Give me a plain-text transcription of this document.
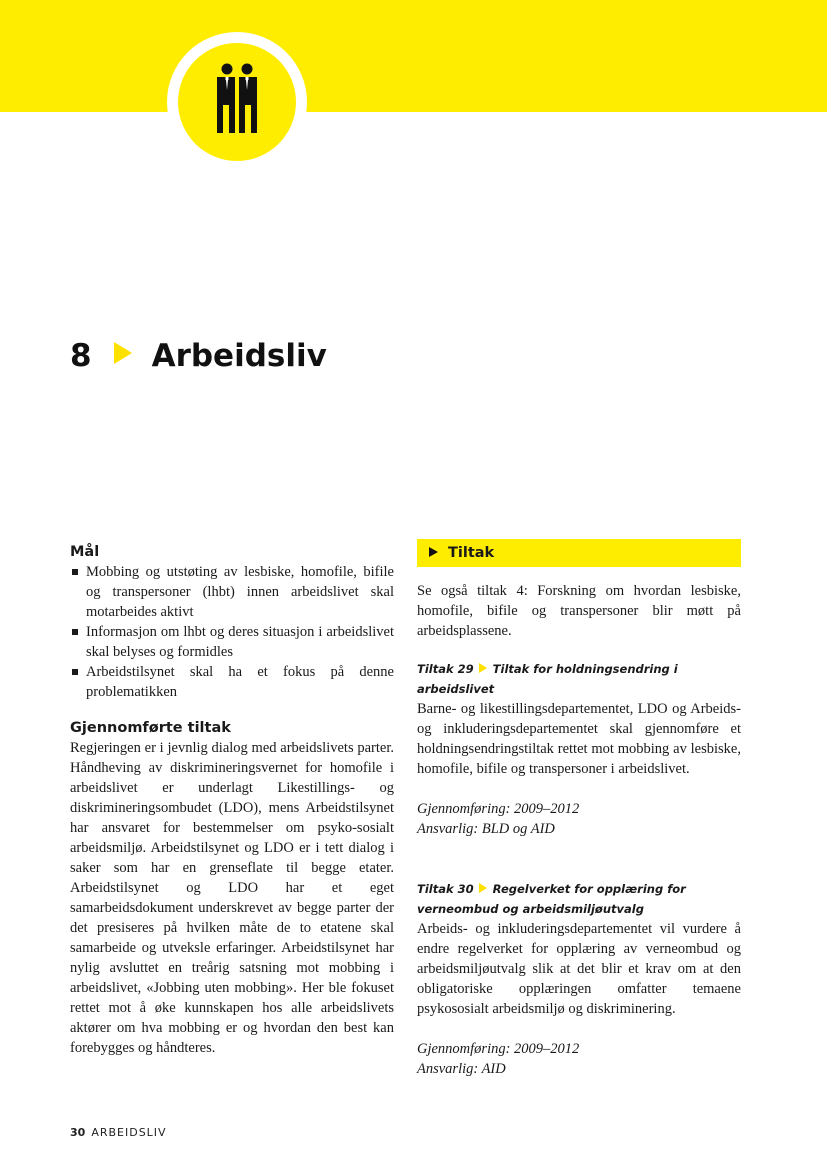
8 Arbeidsliv
Mål
Mobbing og utstøting av lesbiske, homofile, bifile og transpersoner (lhbt) innen arbeidslivet skal motarbeides aktivt
Informasjon om lhbt og deres situasjon i arbeidslivet skal belyses og formidles
Arbeidstilsynet skal ha et fokus på denne problematikken
Gjennomførte tiltak

Regjeringen er i jevnlig dialog med arbeidslivets parter. Håndheving av diskrimineringsvernet for homofile i arbeidslivet er underlagt Likestillings- og diskrimineringsombudet (LDO), mens Arbeidstilsynet har ansvaret for bestemmelser om psyko-sosialt arbeidsmiljø. Arbeidstilsynet og LDO er i tett dialog i saker som har en grenseflate til begge etater. Arbeidstilsynet og LDO har et eget samarbeidsdokument underskrevet av begge parter der det presiseres på hvilken måte de to etatene skal samarbeide og utveksle erfaringer. Arbeidstilsynet har nylig avsluttet en treårig satsning mot mobbing i arbeidslivet, «Jobbing uten mobbing». Her ble fokuset rettet mot å øke kunnskapen hos alle arbeidslivets aktører om hva mobbing er og hvordan den best kan forebygges og håndteres.

Tiltak

Se også tiltak 4: Forskning om hvordan lesbiske, homofile, bifile og transpersoner blir møtt på arbeidsplassene.

Tiltak 29 Tiltak for holdningsendring i arbeidslivet

Barne- og likestillingsdepartementet, LDO og Arbeids- og inkluderingsdepartementet skal gjennomføre et holdningsendringstiltak rettet mot mobbing av lesbiske, homofile, bifile og transpersoner i arbeidslivet.

Gjennomføring: 2009–2012
Ansvarlig: BLD og AID
Tiltak 30 Regelverket for opplæring for verneombud og arbeidsmiljøutvalg

Arbeids- og inkluderingsdepartementet vil vurdere å endre regelverket for opplæring av verneombud og arbeidsmiljøutvalg slik at det blir et krav om at den obligatoriske opplæringen omfatter temaene psykososialt arbeidsmiljø og diskriminering.

Gjennomføring: 2009–2012
Ansvarlig: AID
30 ARBEIDSLIV
